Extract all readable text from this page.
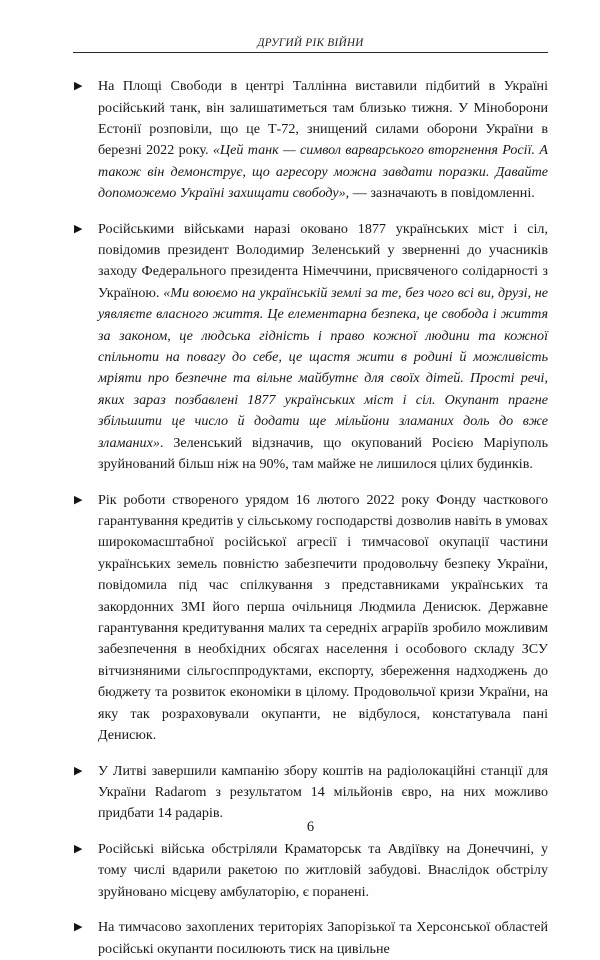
ДРУГИЙ РІК ВІЙНИ

▶	На Площі Свободи в центрі Таллінна виставили підбитий в Україні російський танк, він залишатиметься там близько тижня. У Міноборони Естонії розповіли, що це Т-72, знищений силами оборони України в березні 2022 року. «Цей танк — символ варварського вторгнення Росії. А також він демонструє, що агресору можна завдати поразки. Давайте допоможемо Україні захищати свободу», — зазначають в повідомленні.

▶	Російськими військами наразі оковано 1877 українських міст і сіл, повідомив президент Володимир Зеленський у зверненні до учасників заходу Федерального президента Німеччини, присвяченого солідарності з Україною. «Ми воюємо на українській землі за те, без чого всі ви, друзі, не уявляєте власного життя. Це елементарна безпека, це свобода і життя за законом, це людська гідність і право кожної людини та кожної спільноти на повагу до себе, це щастя жити в родині й можливість мріяти про безпечне та вільне майбутнє для своїх дітей. Прості речі, яких зараз позбавлені 1877 українських міст і сіл. Окупант прагне збільшити це число й додати ще мільйони зламаних доль до вже зламаних». Зеленський відзначив, що окупований Росією Маріуполь зруйнований більш ніж на 90%, там майже не лишилося цілих будинків.

▶	Рік роботи створеного урядом 16 лютого 2022 року Фонду часткового гарантування кредитів у сільському господарстві дозволив навіть в умовах широкомасштабної російської агресії і тимчасової окупації частини українських земель повністю забезпечити продовольчу безпеку України, повідомила під час спілкування з представниками українських та закордонних ЗМІ його перша очільниця Людмила Денисюк. Державне гарантування кредитування малих та середніх аграріїв зробило можливим забезпечення в необхідних обсягах населення і особового складу ЗСУ вітчизняними сільгосппродуктами, експорту, збереження надходжень до бюджету та розвиток економіки в цілому. Продовольчої кризи України, на яку так розраховували окупанти, не відбулося, констатувала пані Денисюк.

▶	У Литві завершили кампанію збору коштів на радіолокаційні станції для України Radarom з результатом 14 мільйонів євро, на них можливо придбати 14 радарів.

▶	Російські війська обстріляли Краматорськ та Авдіївку на Донеччині, у тому числі вдарили ракетою по житловій забудові. Внаслідок обстрілу зруйновано місцеву амбулаторію, є поранені.

▶	На тимчасово захоплених територіях Запорізької та Херсонської областей російські окупанти посилюють тиск на цивільне

6
